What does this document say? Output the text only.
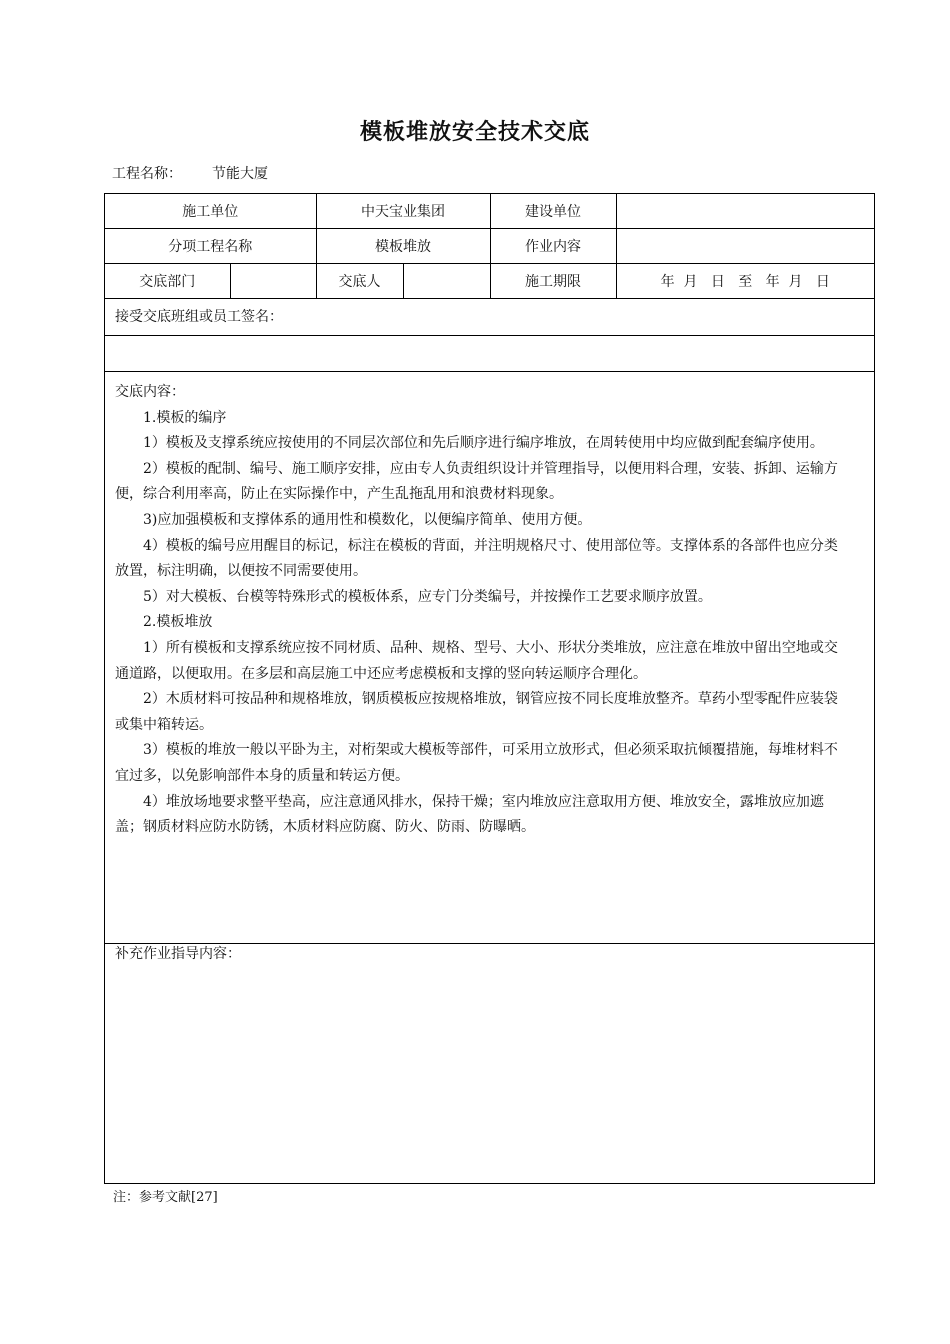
模板堆放安全技术交底
工程名称： 节能大厦
施工单位		中天宝业集团		建设单位	
分项工程名称		模板堆放		作业内容	
交底部门		交底人		施工期限	年  月   日   至   年  月   日
接受交底班组或员工签名：

交底内容：

1.模板的编序

1）模板及支撑系统应按使用的不同层次部位和先后顺序进行编序堆放，在周转使用中均应做到配套编序使用。

2）模板的配制、编号、施工顺序安排，应由专人负责组织设计并管理指导，以便用料合理，安装、拆卸、运输方便，综合利用率高，防止在实际操作中，产生乱拖乱用和浪费材料现象。

3)应加强模板和支撑体系的通用性和模数化，以便编序简单、使用方便。

4）模板的编号应用醒目的标记，标注在模板的背面，并注明规格尺寸、使用部位等。支撑体系的各部件也应分类放置，标注明确，以便按不同需要使用。

5）对大模板、台模等特殊形式的模板体系，应专门分类编号，并按操作工艺要求顺序放置。

2.模板堆放

1）所有模板和支撑系统应按不同材质、品种、规格、型号、大小、形状分类堆放，应注意在堆放中留出空地或交通道路，以便取用。在多层和高层施工中还应考虑模板和支撑的竖向转运顺序合理化。

2）木质材料可按品种和规格堆放，钢质模板应按规格堆放，钢管应按不同长度堆放整齐。草药小型零配件应装袋或集中箱转运。

3）模板的堆放一般以平卧为主，对桁架或大模板等部件，可采用立放形式，但必须采取抗倾覆措施，每堆材料不宜过多，以免影响部件本身的质量和转运方便。

4）堆放场地要求整平垫高，应注意通风排水，保持干燥；室内堆放应注意取用方便、堆放安全，露堆放应加遮盖；钢质材料应防水防锈，木质材料应防腐、防火、防雨、防曝晒。

补充作业指导内容：
注：参考文献[27]
